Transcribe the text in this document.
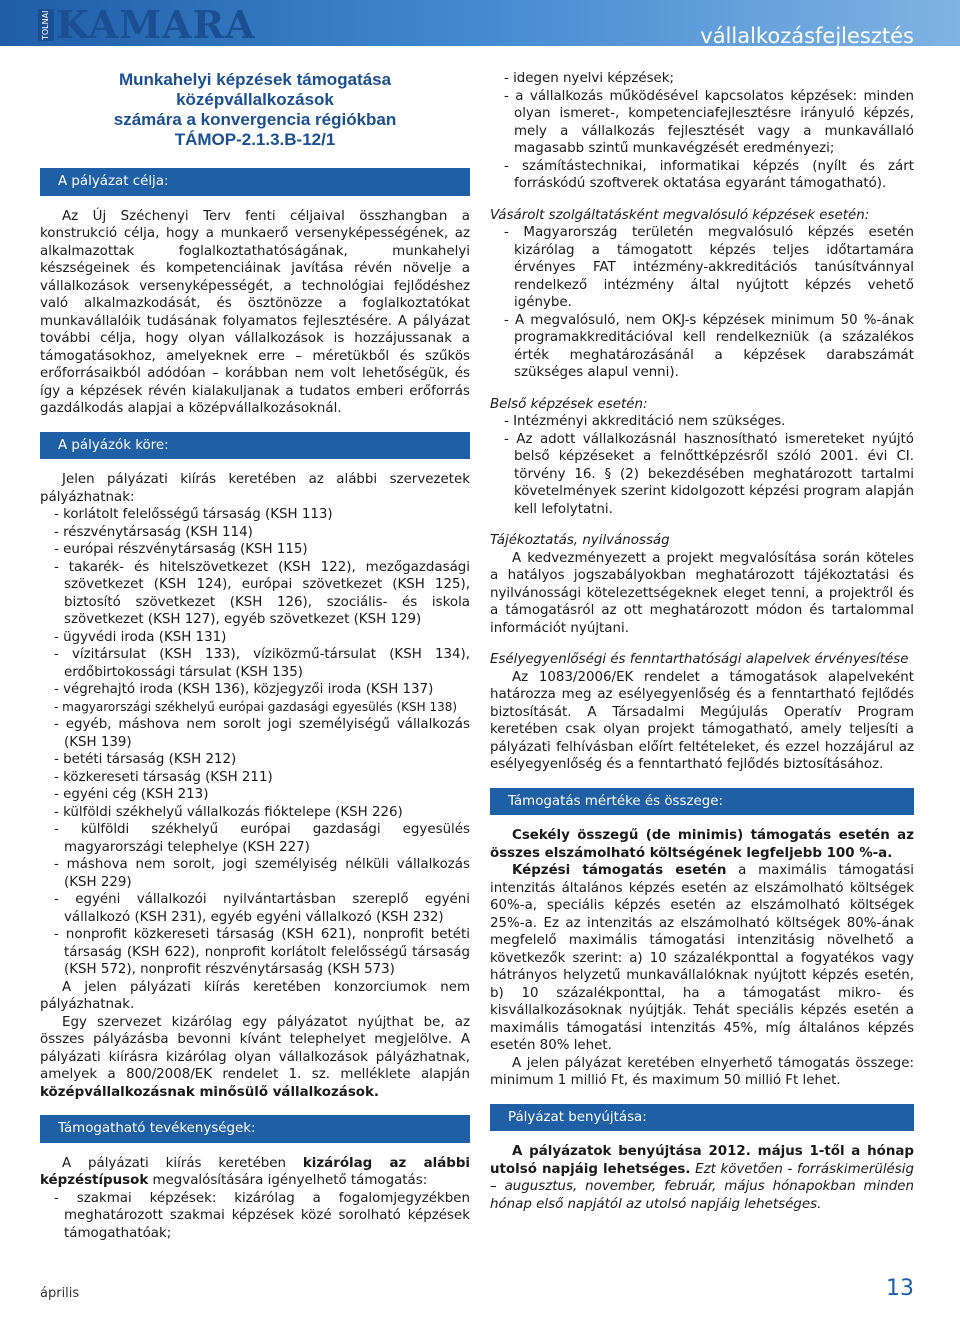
TOLNAI KAMARA	vállalkozásfejlesztés
Munkahelyi képzések támogatása középvállalkozások
számára a konvergencia régiókban
TÁMOP-2.1.3.B-12/1
A pályázat célja:

Az Új Széchenyi Terv fenti céljaival összhangban a konstrukció célja, hogy a munkaerő versenyképességének, az alkalmazottak foglalkoztathatóságának, munkahelyi készségeinek és kompetenciáinak javítása révén növelje a vállalkozások versenyképességét, a technológiai fejlődéshez való alkalmazkodását, és ösztönözze a foglalkoztatókat munkavállalóik tudásának folyamatos fejlesztésére. A pályázat további célja, hogy olyan vállalkozások is hozzájussanak a támogatásokhoz, amelyeknek erre – méretükből és szűkös erőforrásaikból adódóan – korábban nem volt lehetőségük, és így a képzések révén kialakuljanak a tudatos emberi erőforrás gazdálkodás alapjai a középvállalkozásoknál.

A pályázók köre:

Jelen pályázati kiírás keretében az alábbi szervezetek pályázhatnak:

- korlátolt felelősségű társaság (KSH 113)
- részvénytársaság (KSH 114)
- európai részvénytársaság (KSH 115)
- takarék- és hitelszövetkezet (KSH 122), mezőgazdasági szövetkezet (KSH 124), európai szövetkezet (KSH 125), biztosító szövetkezet (KSH 126), szociális- és iskola szövetkezet (KSH 127), egyéb szövetkezet (KSH 129)
- ügyvédi iroda (KSH 131)
- vízitársulat (KSH 133), víziközmű-társulat (KSH 134), erdőbirtokossági társulat (KSH 135)
- végrehajtó iroda (KSH 136), közjegyzői iroda (KSH 137)
- magyarországi székhelyű európai gazdasági egyesülés (KSH 138)
- egyéb, máshova nem sorolt jogi személyiségű vállalkozás (KSH 139)
- betéti társaság (KSH 212)
- közkereseti társaság (KSH 211)
- egyéni cég (KSH 213)
- külföldi székhelyű vállalkozás fióktelepe (KSH 226)
- külföldi székhelyű európai gazdasági egyesülés magyarországi telephelye (KSH 227)
- máshova nem sorolt, jogi személyiség nélküli vállalkozás (KSH 229)
- egyéni vállalkozói nyilvántartásban szereplő egyéni vállalkozó (KSH 231), egyéb egyéni vállalkozó (KSH 232)
- nonprofit közkereseti társaság (KSH 621), nonprofit betéti társaság (KSH 622), nonprofit korlátolt felelősségű társaság (KSH 572), nonprofit részvénytársaság (KSH 573)

A jelen pályázati kiírás keretében konzorciumok nem pályázhatnak.

Egy szervezet kizárólag egy pályázatot nyújthat be, az összes pályázásba bevonni kívánt telephelyet megjelölve. A pályázati kiírásra kizárólag olyan vállalkozások pályázhatnak, amelyek a 800/2008/EK rendelet 1. sz. melléklete alapján középvállalkozásnak minősülő vállalkozások.

Támogatható tevékenységek:

A pályázati kiírás keretében kizárólag az alábbi képzéstípusok megvalósítására igényelhető támogatás:

- szakmai képzések: kizárólag a fogalomjegyzékben meghatározott szakmai képzések közé sorolható képzések támogathatóak;
- idegen nyelvi képzések;
- a vállalkozás működésével kapcsolatos képzések: minden olyan ismeret-, kompetenciafejlesztésre irányuló képzés, mely a vállalkozás fejlesztését vagy a munkavállaló magasabb szintű munkavégzését eredményezi;
- számítástechnikai, informatikai képzés (nyílt és zárt forráskódú szoftverek oktatása egyaránt támogatható).

Vásárolt szolgáltatásként megvalósuló képzések esetén:

- Magyarország területén megvalósuló képzés esetén kizárólag a támogatott képzés teljes időtartamára érvényes FAT intézmény-akkreditációs tanúsítvánnyal rendelkező intézmény által nyújtott képzés vehető igénybe.
- A megvalósuló, nem OKJ-s képzések minimum 50 %-ának programakkreditációval kell rendelkezniük (a százalékos érték meghatározásánál a képzések darabszámát szükséges alapul venni).

Belső képzések esetén:

- Intézményi akkreditáció nem szükséges.
- Az adott vállalkozásnál hasznosítható ismereteket nyújtó belső képzéseket a felnőttképzésről szóló 2001. évi CI. törvény 16. § (2) bekezdésében meghatározott tartalmi követelmények szerint kidolgozott képzési program alapján kell lefolytatni.

Tájékoztatás, nyilvánosság

A kedvezményezett a projekt megvalósítása során köteles a hatályos jogszabályokban meghatározott tájékoztatási és nyilvánossági kötelezettségeknek eleget tenni, a projektről és a támogatásról az ott meghatározott módon és tartalommal információt nyújtani.

Esélyegyenlőségi és fenntarthatósági alapelvek érvényesítése

Az 1083/2006/EK rendelet a támogatások alapelveként határozza meg az esélyegyenlőség és a fenntartható fejlődés biztosítását. A Társadalmi Megújulás Operatív Program keretében csak olyan projekt támogatható, amely teljesíti a pályázati felhívásban előírt feltételeket, és ezzel hozzájárul az esélyegyenlőség és a fenntartható fejlődés biztosításához.

Támogatás mértéke és összege:

Csekély összegű (de minimis) támogatás esetén az összes elszámolható költségének legfeljebb 100 %-a.

Képzési támogatás esetén a maximális támogatási intenzitás általános képzés esetén az elszámolható költségek 60%-a, speciális képzés esetén az elszámolható költségek 25%-a. Ez az intenzitás az elszámolható költségek 80%-ának megfelelő maximális támogatási intenzitásig növelhető a következők szerint: a) 10 százalékponttal a fogyatékos vagy hátrányos helyzetű munkavállalóknak nyújtott képzés esetén, b) 10 százalékponttal, ha a támogatást mikro- és kisvállalkozásoknak nyújtják. Tehát speciális képzés esetén a maximális támogatási intenzitás 45%, míg általános képzés esetén 80% lehet.

A jelen pályázat keretében elnyerhető támogatás összege: minimum 1 millió Ft, és maximum 50 millió Ft lehet.

Pályázat benyújtása:

A pályázatok benyújtása 2012. május 1-től a hónap utolsó napjáig lehetséges. Ezt követően - forráskimerülésig – augusztus, november, február, május hónapokban minden hónap első napjától az utolsó napjáig lehetséges.

április	13
